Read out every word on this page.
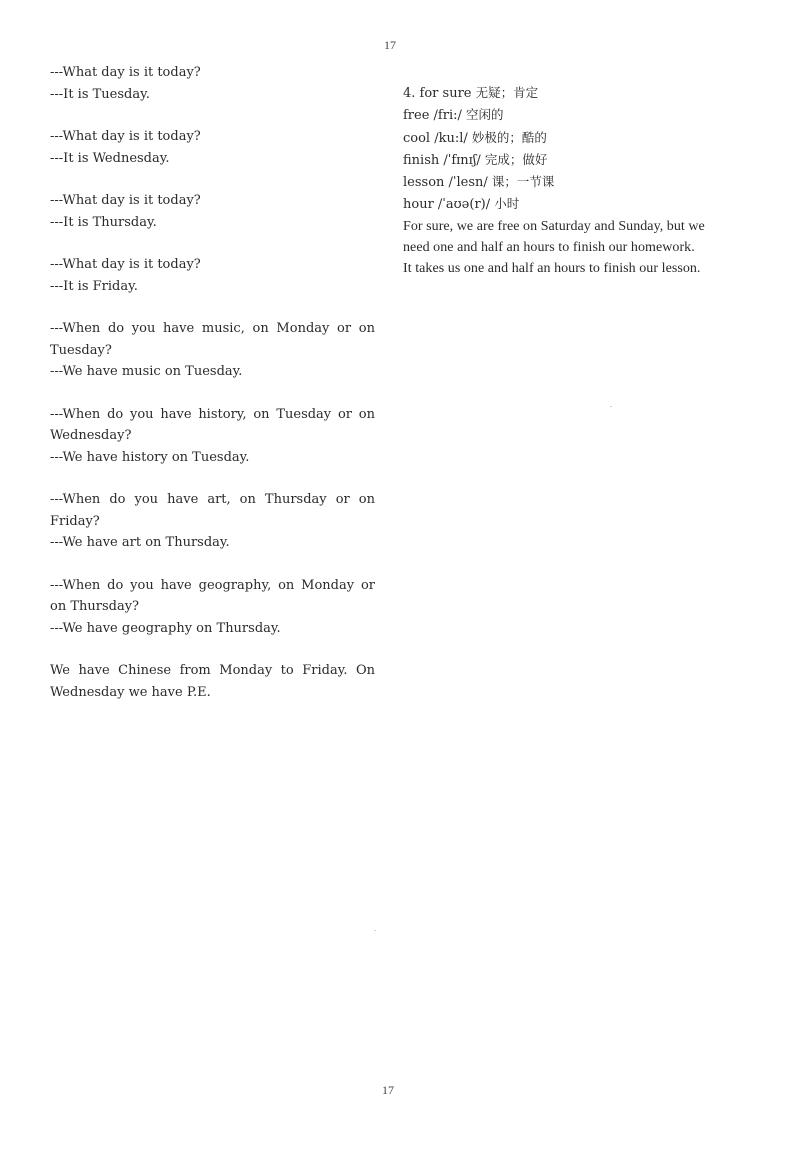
17

---What day is it today?

---It is Tuesday.

---What day is it today?

---It is Wednesday.

---What day is it today?

---It is Thursday.

---What day is it today?

---It is Friday.

---When do you have music, on Monday or on Tuesday?

---We have music on Tuesday.

---When do you have history, on Tuesday or on Wednesday?

---We have history on Tuesday.

---When do you have art, on Thursday or on Friday?

---We have art on Thursday.

---When do you have geography, on Monday or on Thursday?

---We have geography on Thursday.

We have Chinese from Monday to Friday. On Wednesday we have P.E.

4. for sure 无疑；肯定

free /fri:/ 空闲的

cool /ku:l/ 妙极的；酷的

finish /ˈfɪnɪʃ/ 完成；做好

lesson /ˈlesn/ 课；一节课

hour /ˈaʊə(r)/ 小时

For sure, we are free on Saturday and Sunday, but we need one and half an hours to finish our homework.

It takes us one and half an hours to finish our lesson.

17
